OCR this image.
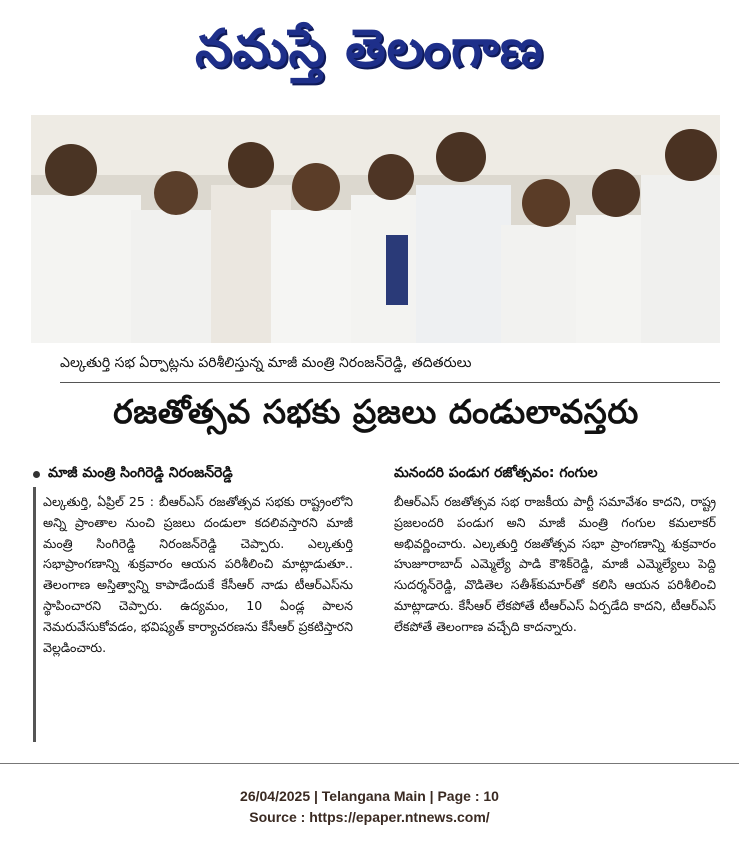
నమస్తే తెలంగాణ
ఎల్కతుర్తి సభ ఏర్పాట్లను పరిశీలిస్తున్న మాజీ మంత్రి నిరంజన్‌రెడ్డి, తదితరులు
రజతోత్సవ సభకు ప్రజలు దండులావస్తరు
మాజీ మంత్రి సింగిరెడ్డి నిరంజన్‌రెడ్డి

ఎల్కతుర్తి, ఏప్రిల్ 25 : బీఆర్‌ఎస్ రజతోత్సవ సభకు రాష్ట్రంలోని అన్ని ప్రాంతాల నుంచి ప్రజలు దండులా కదలివస్తారని మాజీ మంత్రి సింగిరెడ్డి నిరంజన్‌రెడ్డి చెప్పారు. ఎల్కతుర్తి సభాప్రాంగణాన్ని శుక్రవారం ఆయన పరిశీలించి మాట్లాడుతూ.. తెలంగాణ అస్తిత్వాన్ని కాపాడేందుకే కేసీఆర్ నాడు టీఆర్‌ఎస్‌ను స్థాపించారని చెప్పారు. ఉద్యమం, 10 ఏండ్ల పాలన నెమరువేసుకోవడం, భవిష్యత్ కార్యాచరణను కేసీఆర్ ప్రకటిస్తారని వెల్లడించారు.

మనందరి పండుగ రజోత్సవం: గంగుల

బీఆర్‌ఎస్ రజతోత్సవ సభ రాజకీయ పార్టీ సమావేశం కాదని, రాష్ట్ర ప్రజలందరి పండుగ అని మాజీ మంత్రి గంగుల కమలాకర్ అభివర్ణించారు. ఎల్కతుర్తి రజతోత్సవ సభా ప్రాంగణాన్ని శుక్రవారం హుజూరాబాద్ ఎమ్మెల్యే పాడి కౌశిక్‌రెడ్డి, మాజీ ఎమ్మెల్యేలు పెద్ది సుదర్శన్‌రెడ్డి, వొడితెల సతీశ్‌కుమార్‌తో కలిసి ఆయన పరిశీలించి మాట్లాడారు. కేసీఆర్ లేకపోతే టీఆర్‌ఎస్ ఏర్పడేది కాదని, టీఆర్‌ఎస్ లేకపోతే తెలంగాణ వచ్చేది కాదన్నారు.

26/04/2025 | Telangana Main | Page : 10
Source : https://epaper.ntnews.com/
